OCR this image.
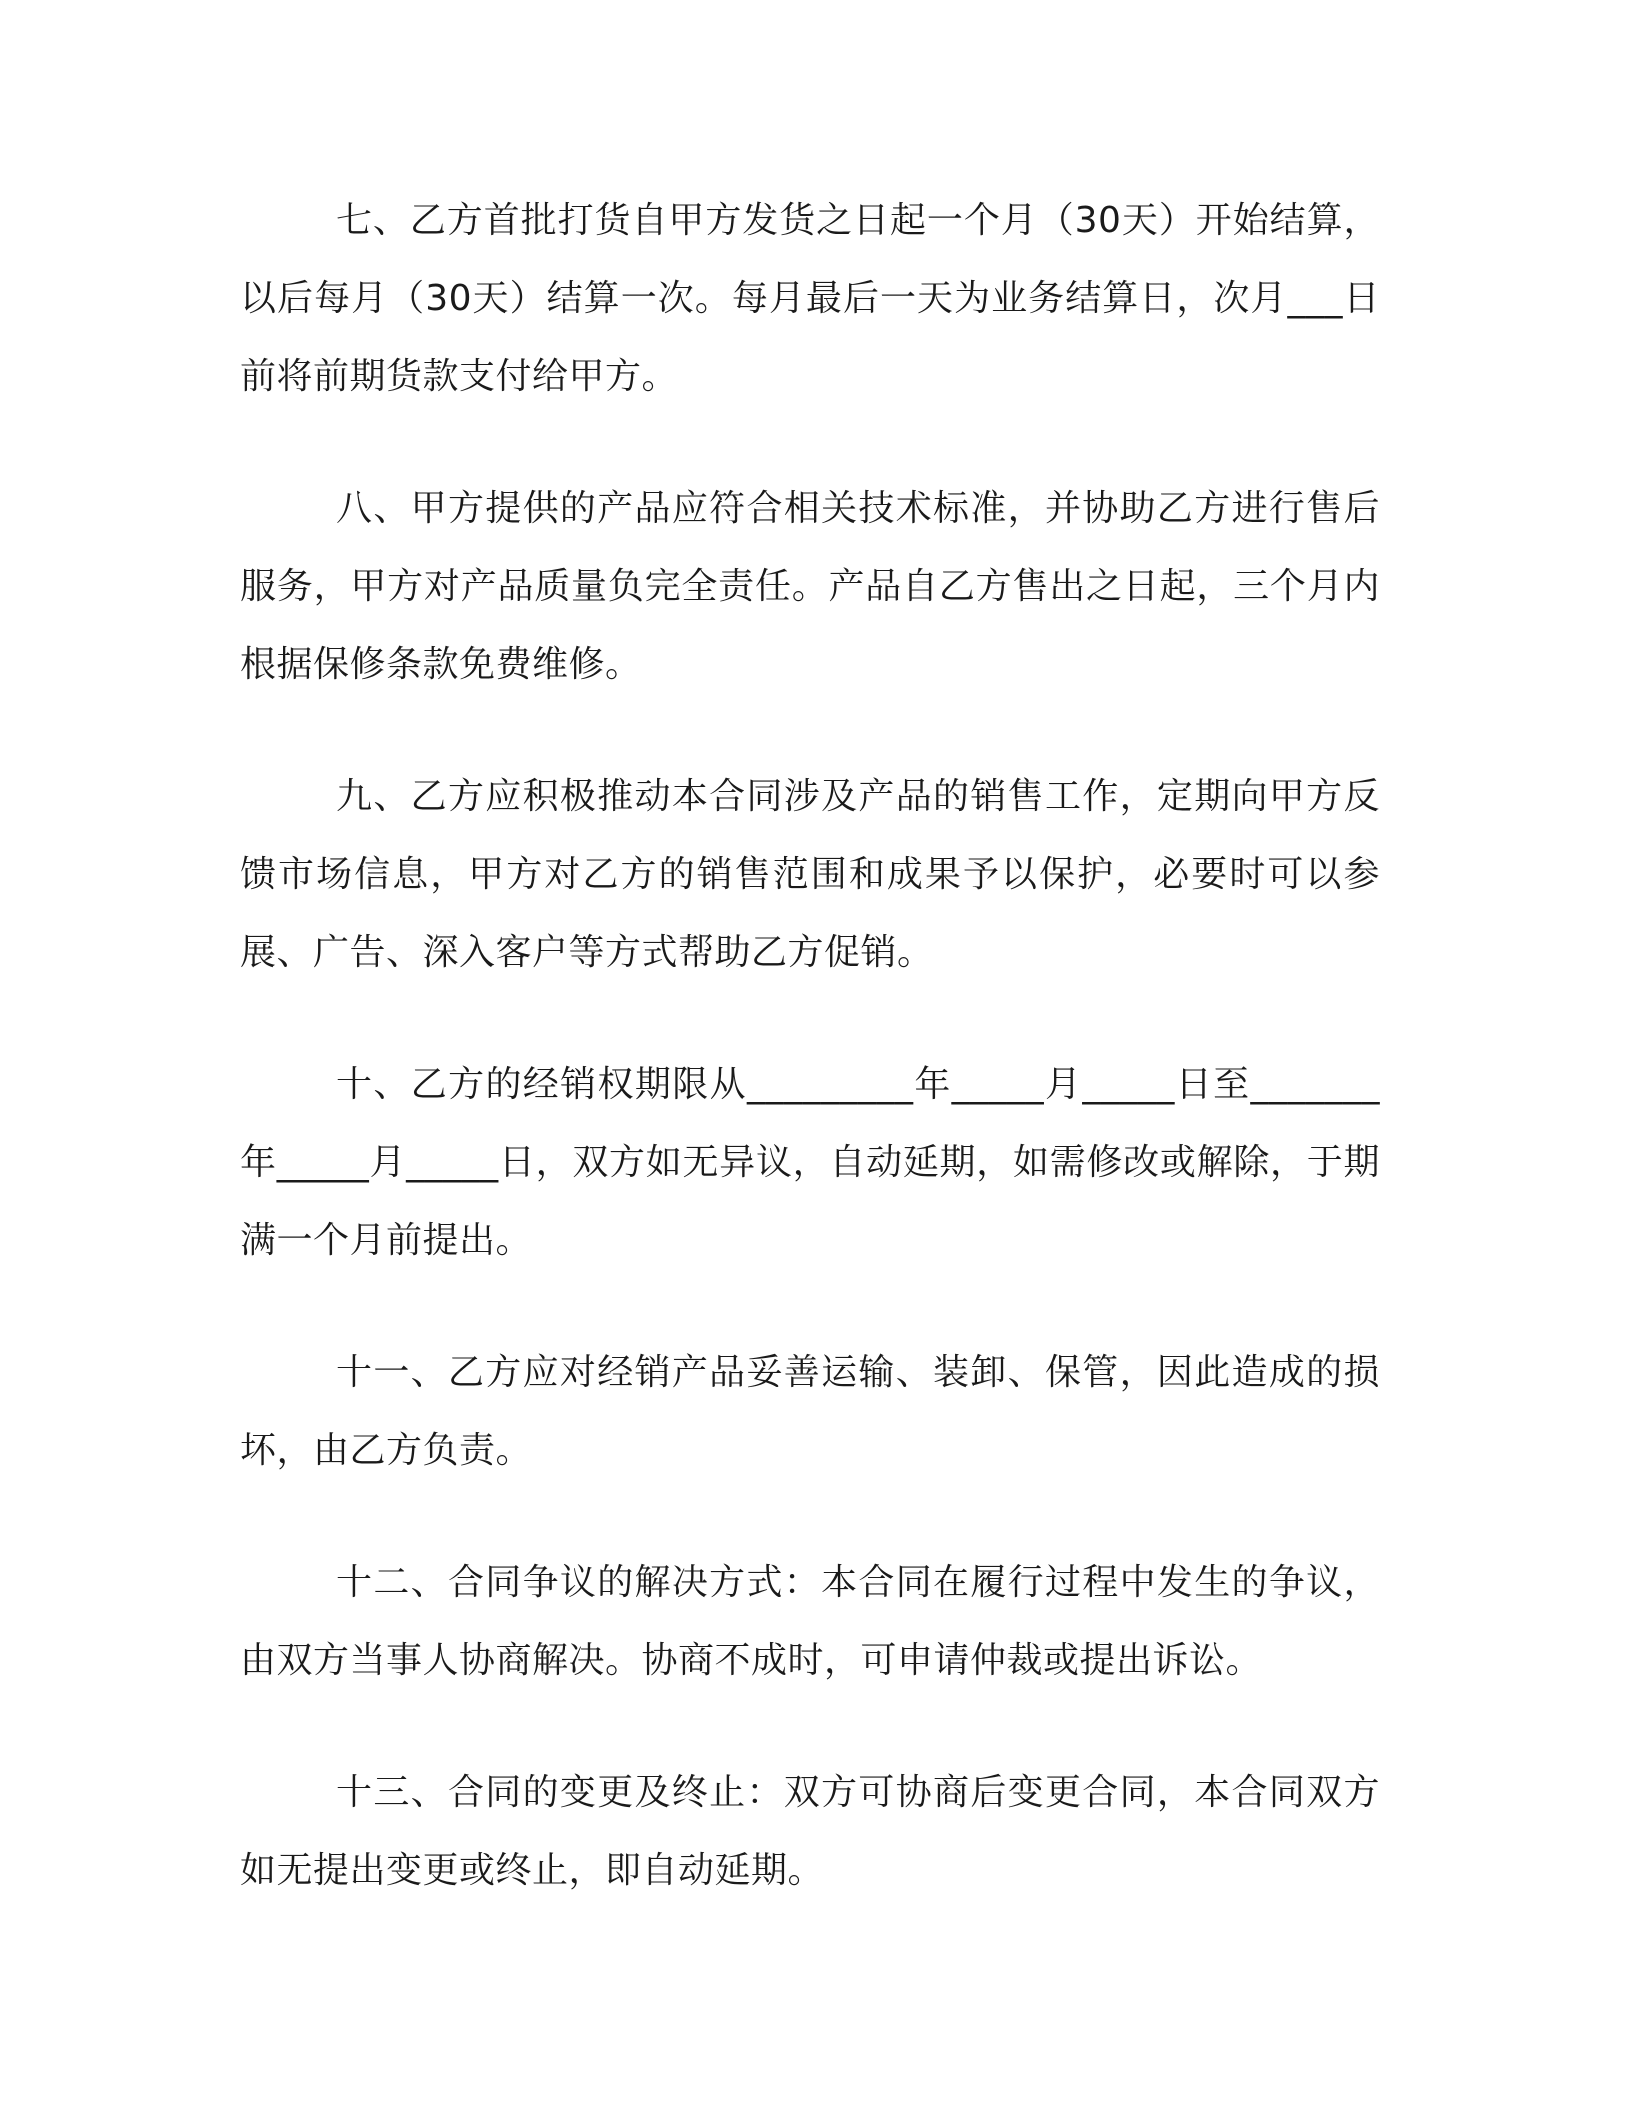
七、乙方首批打货自甲方发货之日起一个月（30天）开始结算，以后每月（30天）结算一次。每月最后一天为业务结算日，次月___日前将前期货款支付给甲方。

八、甲方提供的产品应符合相关技术标准，并协助乙方进行售后服务，甲方对产品质量负完全责任。产品自乙方售出之日起，三个月内根据保修条款免费维修。

九、乙方应积极推动本合同涉及产品的销售工作，定期向甲方反馈市场信息，甲方对乙方的销售范围和成果予以保护，必要时可以参展、广告、深入客户等方式帮助乙方促销。

十、乙方的经销权期限从_________年_____月_____日至_______年_____月_____日，双方如无异议，自动延期，如需修改或解除，于期满一个月前提出。

十一、乙方应对经销产品妥善运输、装卸、保管，因此造成的损坏，由乙方负责。

十二、合同争议的解决方式：本合同在履行过程中发生的争议，由双方当事人协商解决。协商不成时，可申请仲裁或提出诉讼。

十三、合同的变更及终止：双方可协商后变更合同，本合同双方如无提出变更或终止，即自动延期。
